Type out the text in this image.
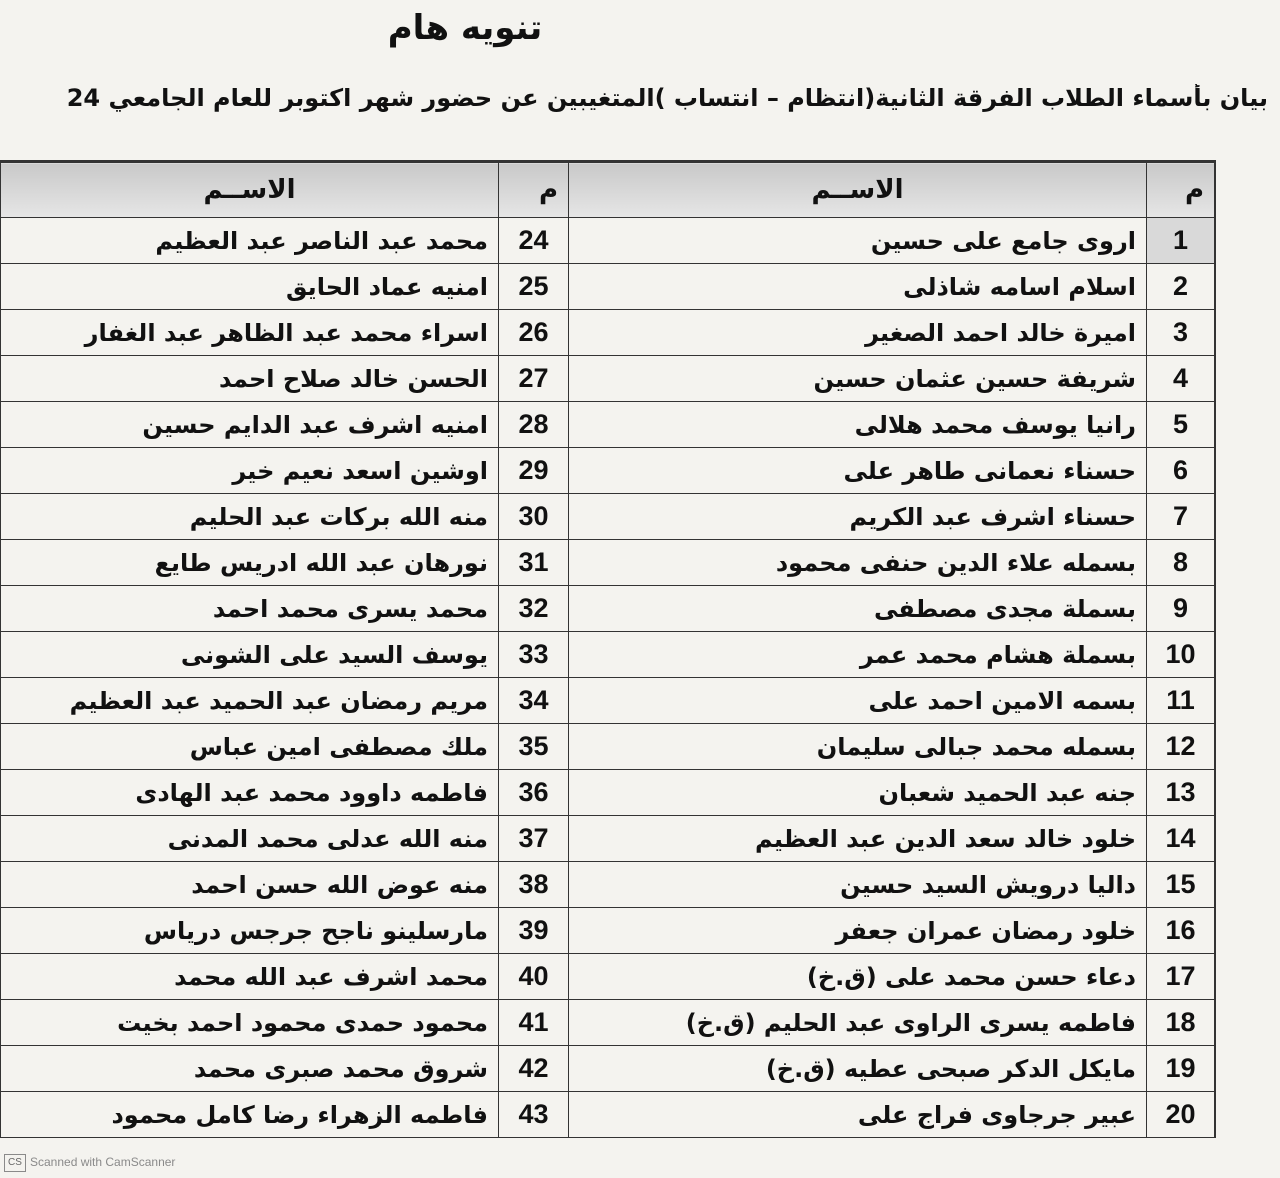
تنويه هام
بيان بأسماء الطلاب الفرقة الثانية(انتظام – انتساب )المتغيبين عن حضور شهر اكتوبر للعام الجامعي 24
م	الاســم	م	الاســم
1	اروى جامع على حسين	24	محمد عبد الناصر عبد العظيم
2	اسلام اسامه شاذلى	25	امنيه عماد الحايق
3	اميرة خالد احمد الصغير	26	اسراء محمد عبد الظاهر عبد الغفار
4	شريفة حسين عثمان حسين	27	الحسن خالد صلاح احمد
5	رانيا يوسف محمد هلالى	28	امنيه اشرف عبد الدايم حسين
6	حسناء نعمانى طاهر على	29	اوشين اسعد نعيم خير
7	حسناء اشرف عبد الكريم	30	منه الله بركات عبد الحليم
8	بسمله علاء الدين حنفى محمود	31	نورهان عبد الله ادريس طايع
9	بسملة مجدى مصطفى	32	محمد يسرى محمد احمد
10	بسملة هشام محمد عمر	33	يوسف السيد على الشونى
11	بسمه الامين احمد على	34	مريم رمضان عبد الحميد عبد العظيم
12	بسمله محمد جبالى سليمان	35	ملك مصطفى امين عباس
13	جنه عبد الحميد شعبان	36	فاطمه داوود محمد عبد الهادى
14	خلود خالد سعد الدين عبد العظيم	37	منه الله عدلى محمد المدنى
15	داليا درويش السيد حسين	38	منه عوض الله حسن احمد
16	خلود رمضان عمران جعفر	39	مارسلينو ناجح جرجس درياس
17	دعاء حسن محمد على (ق.خ)	40	محمد اشرف عبد الله محمد
18	فاطمه يسرى الراوى عبد الحليم (ق.خ)	41	محمود حمدى محمود احمد بخيت
19	مايكل الدكر صبحى عطيه (ق.خ)	42	شروق محمد صبرى محمد
20	عبير جرجاوى فراج على	43	فاطمه الزهراء رضا كامل محمود
CS Scanned with CamScanner
